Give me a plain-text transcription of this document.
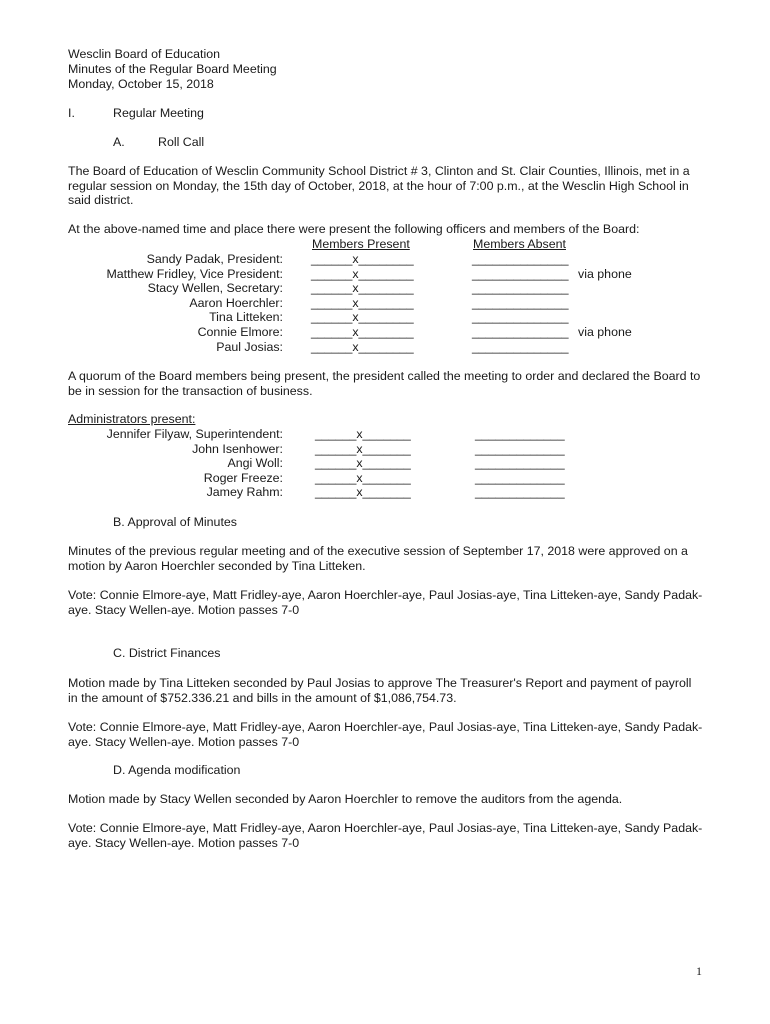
Wesclin Board of Education
Minutes of the Regular Board Meeting
Monday, October 15, 2018
I.	Regular Meeting
A.	Roll Call
The Board of Education of Wesclin Community School District # 3, Clinton and St. Clair Counties, Illinois, met in a regular session on Monday, the 15th day of October, 2018, at the hour of 7:00 p.m., at the Wesclin High School in said district.
At the above-named time and place there were present the following officers and members of the Board:
Members Present	Members Absent
Sandy Padak, President: ______x________	______________
Matthew Fridley, Vice President: ______x________	______________ via phone
Stacy Wellen, Secretary: ______x________	______________
Aaron Hoerchler: ______x________	______________
Tina Litteken: ______x________	______________
Connie Elmore: ______x________	______________ via phone
Paul Josias: ______x________	______________
A quorum of the Board members being present, the president called the meeting to order and declared the Board to be in session for the transaction of business.
Administrators present:
Jennifer Filyaw, Superintendent:	______x_______	_____________
John Isenhower:	______x_______	_____________
Angi Woll:	______x_______	_____________
Roger Freeze:	______x_______	_____________
Jamey Rahm:	______x_______	_____________
B. Approval of Minutes
Minutes of the previous regular meeting and of the executive session of September 17, 2018 were approved on a motion by Aaron Hoerchler seconded by Tina Litteken.
Vote: Connie Elmore-aye, Matt Fridley-aye, Aaron Hoerchler-aye, Paul Josias-aye, Tina Litteken-aye, Sandy Padak-aye. Stacy Wellen-aye. Motion passes 7-0
C. District Finances
Motion made by Tina Litteken seconded by Paul Josias to approve The Treasurer's Report and payment of payroll in the amount of $752.336.21 and bills in the amount of $1,086,754.73.
Vote: Connie Elmore-aye, Matt Fridley-aye, Aaron Hoerchler-aye, Paul Josias-aye, Tina Litteken-aye, Sandy Padak-aye. Stacy Wellen-aye. Motion passes 7-0
D. Agenda modification
Motion made by Stacy Wellen seconded by Aaron Hoerchler to remove the auditors from the agenda.
Vote: Connie Elmore-aye, Matt Fridley-aye, Aaron Hoerchler-aye, Paul Josias-aye, Tina Litteken-aye, Sandy Padak-aye. Stacy Wellen-aye. Motion passes 7-0
1
